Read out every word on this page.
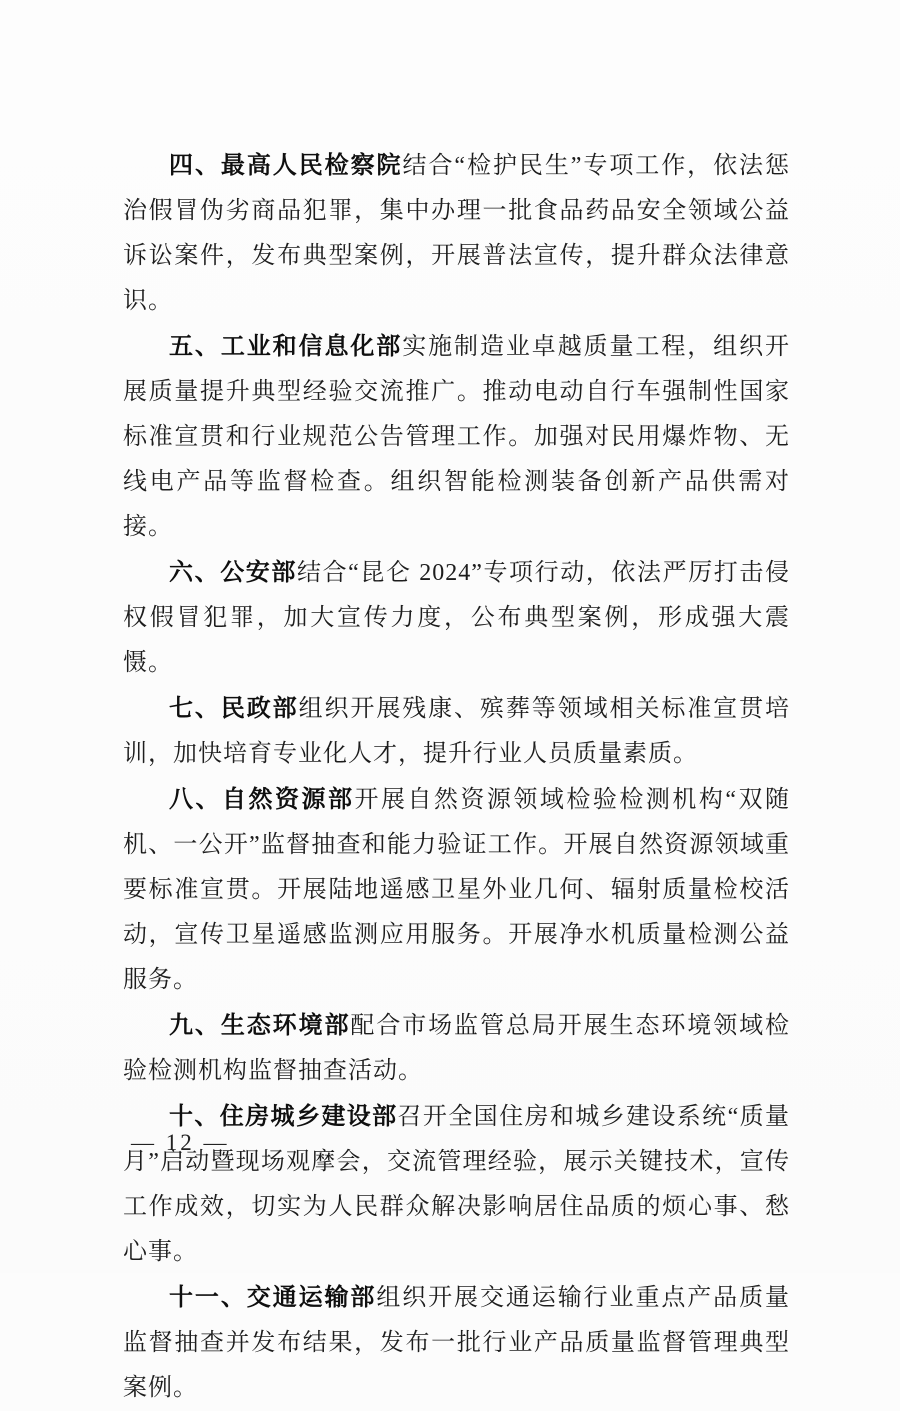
四、最高人民检察院结合“检护民生”专项工作，依法惩治假冒伪劣商品犯罪，集中办理一批食品药品安全领域公益诉讼案件，发布典型案例，开展普法宣传，提升群众法律意识。

五、工业和信息化部实施制造业卓越质量工程，组织开展质量提升典型经验交流推广。推动电动自行车强制性国家标准宣贯和行业规范公告管理工作。加强对民用爆炸物、无线电产品等监督检查。组织智能检测装备创新产品供需对接。

六、公安部结合“昆仑 2024”专项行动，依法严厉打击侵权假冒犯罪，加大宣传力度，公布典型案例，形成强大震慑。

七、民政部组织开展残康、殡葬等领域相关标准宣贯培训，加快培育专业化人才，提升行业人员质量素质。

八、自然资源部开展自然资源领域检验检测机构“双随机、一公开”监督抽查和能力验证工作。开展自然资源领域重要标准宣贯。开展陆地遥感卫星外业几何、辐射质量检校活动，宣传卫星遥感监测应用服务。开展净水机质量检测公益服务。

九、生态环境部配合市场监管总局开展生态环境领域检验检测机构监督抽查活动。

十、住房城乡建设部召开全国住房和城乡建设系统“质量月”启动暨现场观摩会，交流管理经验，展示关键技术，宣传工作成效，切实为人民群众解决影响居住品质的烦心事、愁心事。

十一、交通运输部组织开展交通运输行业重点产品质量监督抽查并发布结果，发布一批行业产品质量监督管理典型案例。

— 12 —
